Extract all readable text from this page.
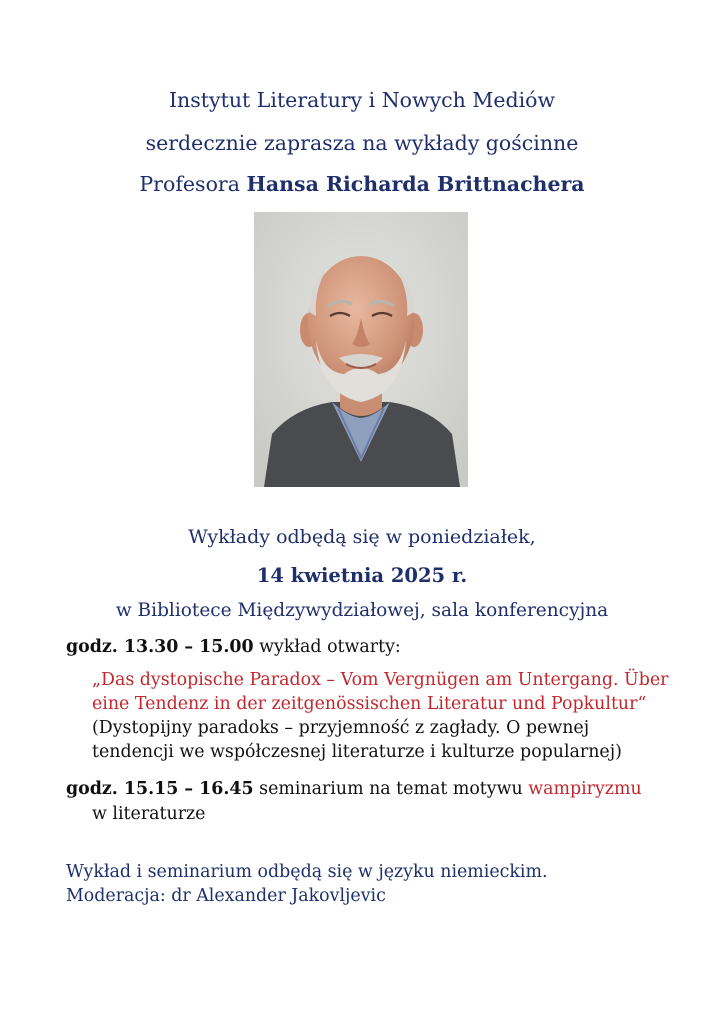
Instytut Literatury i Nowych Mediów
serdecznie zaprasza na wykłady gościnne
Profesora Hansa Richarda Brittnachera
Wykłady odbędą się w poniedziałek,
14 kwietnia 2025 r.
w Bibliotece Międzywydziałowej, sala konferencyjna
godz. 13.30 – 15.00 wykład otwarty:
„Das dystopische Paradox – Vom Vergnügen am Untergang. Über
eine Tendenz in der zeitgenössischen Literatur und Popkultur“
(Dystopijny paradoks – przyjemność z zagłady. O pewnej
tendencji we współczesnej literaturze i kulturze popularnej)
godz. 15.15 – 16.45 seminarium na temat motywu wampiryzmu
w literaturze
Wykład i seminarium odbędą się w języku niemieckim.
Moderacja: dr Alexander Jakovljevic
